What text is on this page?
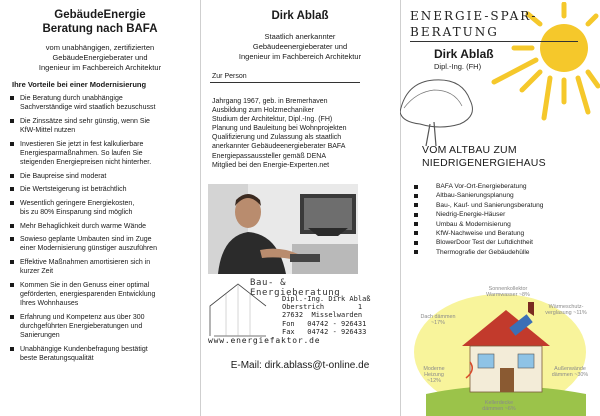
GebäudeEnergie
Beratung nach BAFA
vom unabhängigen, zertifizierten
GebäudeEnergieberater und
Ingenieur im Fachbereich Architektur
Ihre Vorteile bei einer Modernisierung
Die Beratung durch unabhängige
Sachverständige wird staatlich bezuschusst
Die Zinssätze sind sehr günstig, wenn Sie
KfW-Mittel nutzen
Investieren Sie jetzt in fest kalkulierbare
Energiesparmaßnahmen. So laufen Sie
steigenden Energiepreisen nicht hinterher.
Die Baupreise sind moderat
Die Wertsteigerung ist beträchtlich
Wesentlich geringere Energiekosten,
bis zu 80% Einsparung sind möglich
Mehr Behaglichkeit durch warme Wände
Sowieso geplante Umbauten sind im Zuge
einer Modernisierung günstiger auszuführen
Effektive Maßnahmen amortisieren sich in
kurzer Zeit
Kommen Sie in den Genuss einer optimal
geförderten, energiesparenden Entwicklung
Ihres Wohnhauses
Erfahrung und Kompetenz aus über 300
durchgeführten Energieberatungen und
Sanierungen
Unabhängige Kundenbefragung bestätigt
beste Beratungsqualität
Dirk Ablaß
Staatlich anerkannter
Gebäudeenergieberater und
Ingenieur im Fachbereich Architektur
Zur Person
Jahrgang 1967, geb. in Bremerhaven
Ausbildung zum Holzmechaniker
Studium der Architektur, Dipl.-Ing. (FH)
Planung und Bauleitung bei Wohnprojekten
Qualifizierung und Zulassung als staatlich
anerkannter Gebäudeenergieberater BAFA
Energiepassaussteller gemäß DENA
Mitglied bei den Energie-Experten.net
Bau- & Energieberatung
Dipl.-Ing. Dirk Ablaß
Oberstrich        1
27632  Misselwarden
Fon   04742 - 926431
Fax   04742 - 926433
www.energiefaktor.de
E-Mail: dirk.ablass@t-online.de
ENERGIE-SPAR-
BERATUNG
Dirk Ablaß
Dipl.-Ing. (FH)
VOM ALTBAU ZUM
NIEDRIGENERGIEHAUS
BAFA Vor-Ort-Energieberatung
Altbau-Sanierungsplanung
Bau-, Kauf- und Sanierungsberatung
Niedrig-Energie-Häuser
Umbau & Modernisierung
KfW-Nachweise und Beratung
BlowerDoor Test der Luftdichtheit
Thermografie der Gebäudehülle
Sonnenkollektor
Warmwasser ~8%
Wärmeschutz-
verglasung ~11%
Dach dämmen
~17%
Moderne
Heizung
~12%
Außenwände
dämmen ~30%
Kellerdecke
dämmen ~6%
